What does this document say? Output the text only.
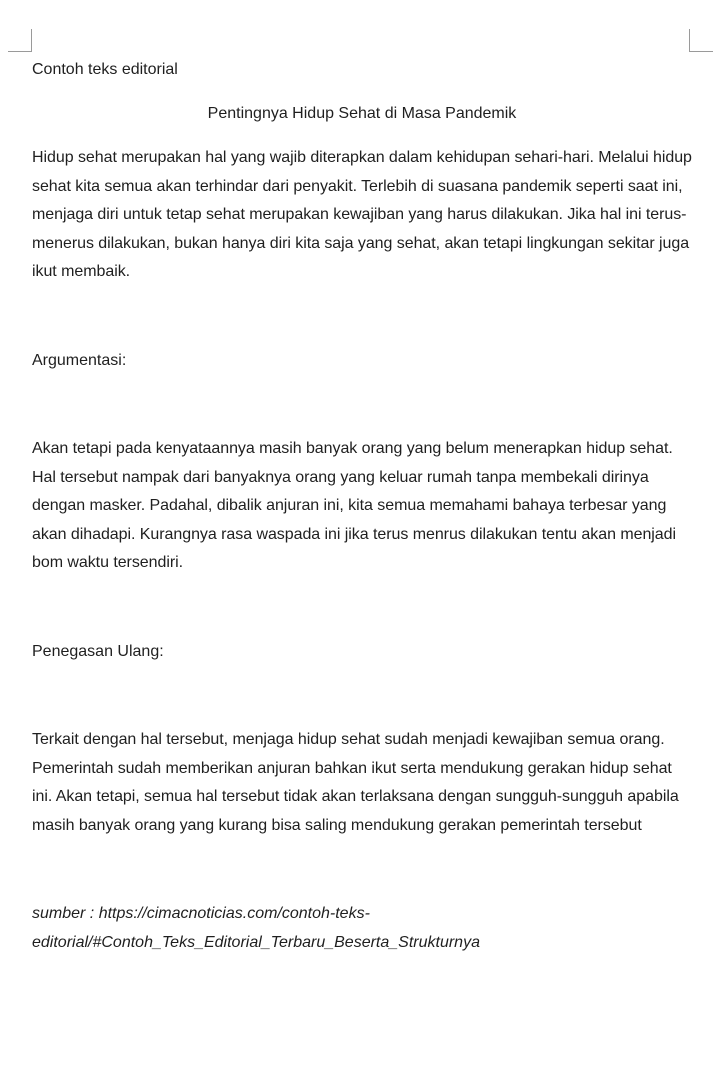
Contoh teks editorial

Pentingnya Hidup Sehat di Masa Pandemik

Hidup sehat merupakan hal yang wajib diterapkan dalam kehidupan sehari-hari. Melalui hidup sehat kita semua akan terhindar dari penyakit. Terlebih di suasana pandemik seperti saat ini, menjaga diri untuk tetap sehat merupakan kewajiban yang harus dilakukan. Jika hal ini terus-menerus dilakukan, bukan hanya diri kita saja yang sehat, akan tetapi lingkungan sekitar juga ikut membaik.

Argumentasi:

Akan tetapi pada kenyataannya masih banyak orang yang belum menerapkan hidup sehat. Hal tersebut nampak dari banyaknya orang yang keluar rumah tanpa membekali dirinya dengan masker. Padahal, dibalik anjuran ini, kita semua memahami bahaya terbesar yang akan dihadapi. Kurangnya rasa waspada ini jika terus menrus dilakukan tentu akan menjadi bom waktu tersendiri.

Penegasan Ulang:

Terkait dengan hal tersebut, menjaga hidup sehat sudah menjadi kewajiban semua orang. Pemerintah sudah memberikan anjuran bahkan ikut serta mendukung gerakan hidup sehat ini. Akan tetapi, semua hal tersebut tidak akan terlaksana dengan sungguh-sungguh apabila masih banyak orang yang kurang bisa saling mendukung gerakan pemerintah tersebut

sumber : https://cimacnoticias.com/contoh-teks-
editorial/#Contoh_Teks_Editorial_Terbaru_Beserta_Strukturnya
